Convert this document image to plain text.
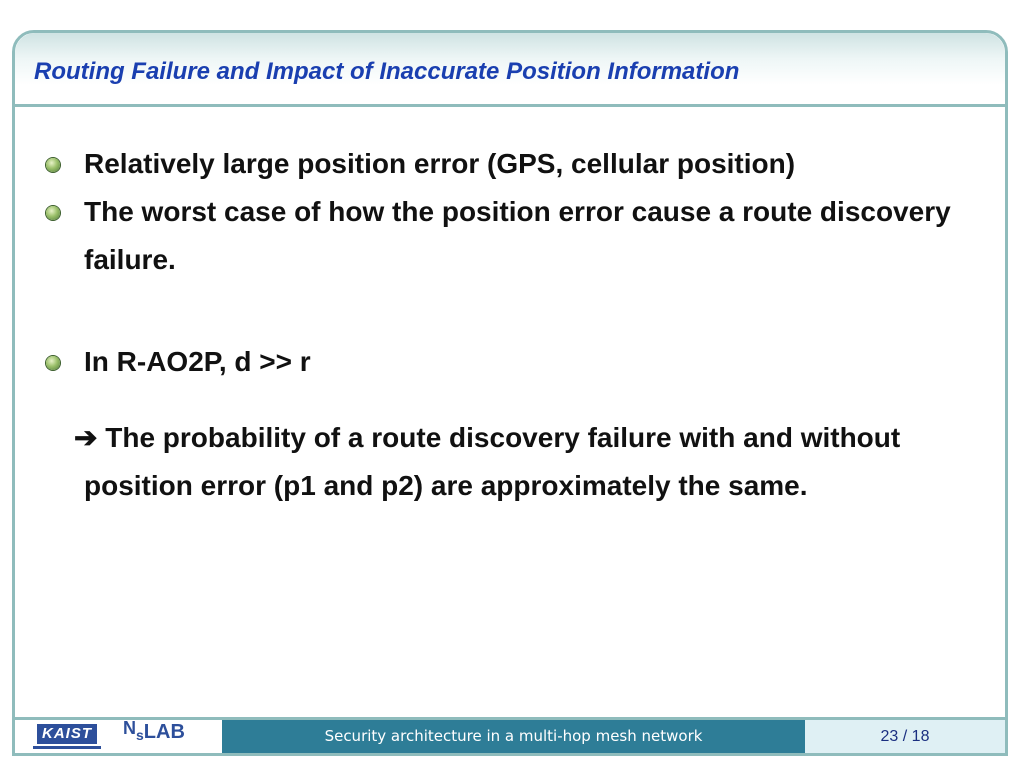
Routing Failure and Impact of Inaccurate Position Information

Relatively large position error (GPS, cellular position)

The worst case of how the position error cause a route discovery failure.

In R-AO2P, d >> r

➔ The probability of a route discovery failure with and without position error (p1 and p2) are approximately the same.

KAIST NsLAB	Security architecture in a multi-hop mesh network	23 / 18
